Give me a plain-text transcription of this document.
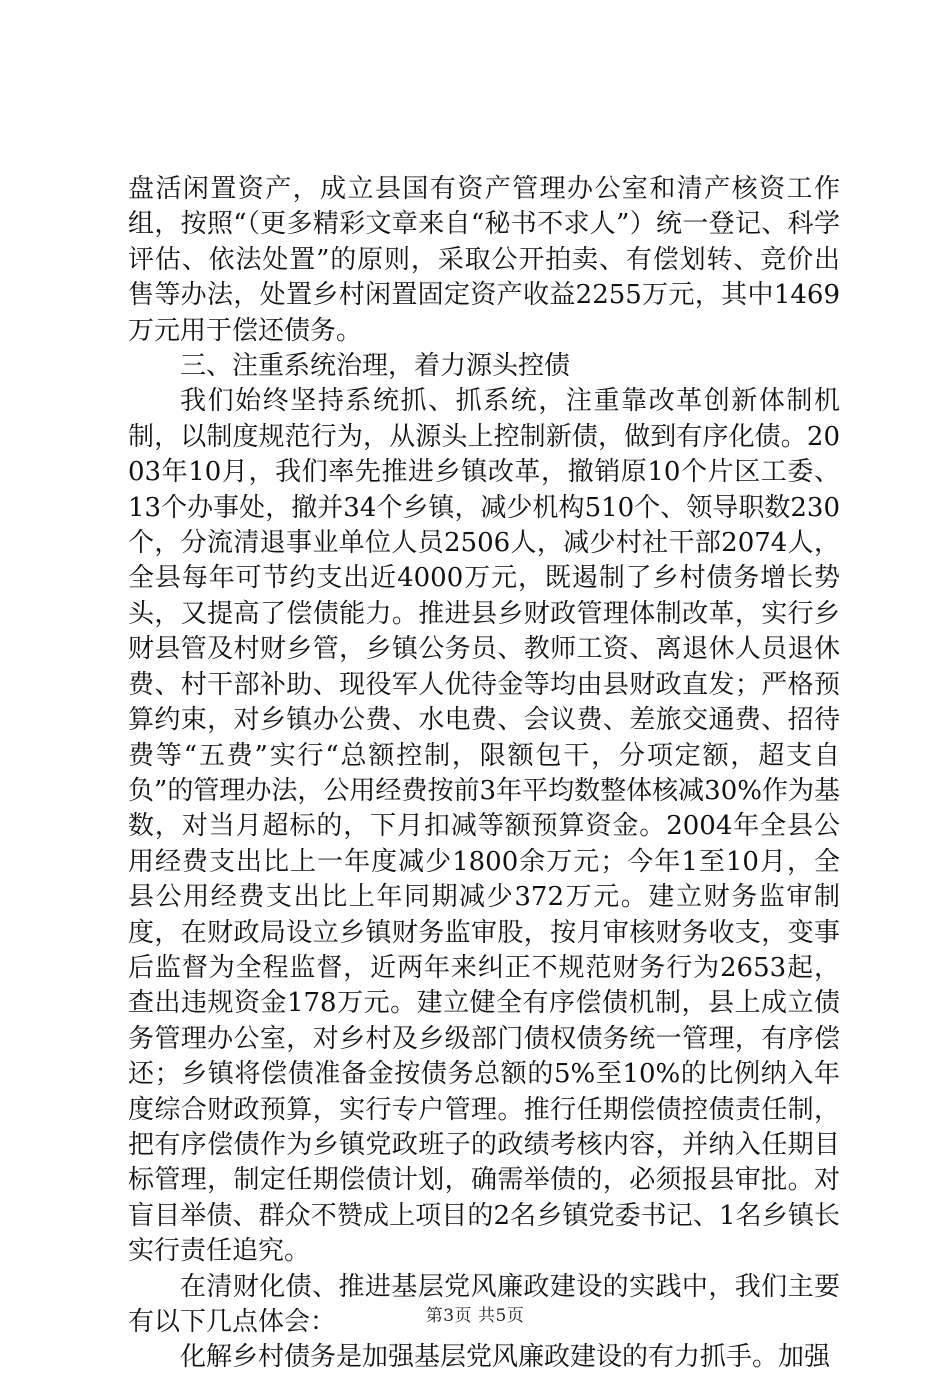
盘活闲置资产，成立县国有资产管理办公室和清产核资工作组，按照“（更多精彩文章来自“秘书不求人”）统一登记、科学评估、依法处置”的原则，采取公开拍卖、有偿划转、竞价出售等办法，处置乡村闲置固定资产收益2255万元，其中1469万元用于偿还债务。

三、注重系统治理，着力源头控债

我们始终坚持系统抓、抓系统，注重靠改革创新体制机制，以制度规范行为，从源头上控制新债，做到有序化债。2003年10月，我们率先推进乡镇改革，撤销原10个片区工委、13个办事处，撤并34个乡镇，减少机构510个、领导职数230个，分流清退事业单位人员2506人，减少村社干部2074人，全县每年可节约支出近4000万元，既遏制了乡村债务增长势头，又提高了偿债能力。推进县乡财政管理体制改革，实行乡财县管及村财乡管，乡镇公务员、教师工资、离退休人员退休费、村干部补助、现役军人优待金等均由县财政直发；严格预算约束，对乡镇办公费、水电费、会议费、差旅交通费、招待费等“五费”实行“总额控制，限额包干，分项定额，超支自负”的管理办法，公用经费按前3年平均数整体核减30%作为基数，对当月超标的，下月扣减等额预算资金。2004年全县公用经费支出比上一年度减少1800余万元；今年1至10月，全县公用经费支出比上年同期减少372万元。建立财务监审制度，在财政局设立乡镇财务监审股，按月审核财务收支，变事后监督为全程监督，近两年来纠正不规范财务行为2653起，查出违规资金178万元。建立健全有序偿债机制，县上成立债务管理办公室，对乡村及乡级部门债权债务统一管理，有序偿还；乡镇将偿债准备金按债务总额的5%至10%的比例纳入年度综合财政预算，实行专户管理。推行任期偿债控债责任制，把有序偿债作为乡镇党政班子的政绩考核内容，并纳入任期目标管理，制定任期偿债计划，确需举债的，必须报县审批。对盲目举债、群众不赞成上项目的2名乡镇党委书记、1名乡镇长实行责任追究。

在清财化债、推进基层党风廉政建设的实践中，我们主要有以下几点体会：

化解乡村债务是加强基层党风廉政建设的有力抓手。加强

第3页 共5页
